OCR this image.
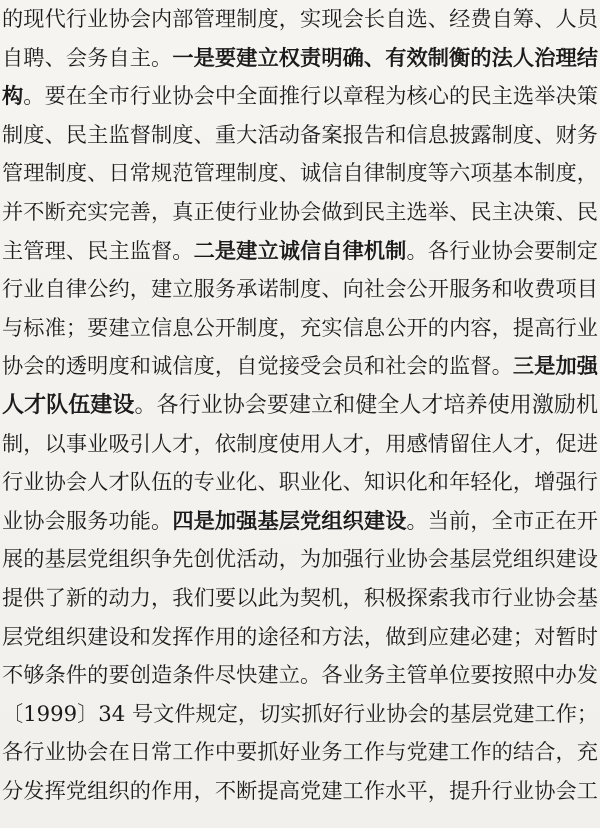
的现代行业协会内部管理制度，实现会长自选、经费自筹、人员
自聘、会务自主。一是要建立权责明确、有效制衡的法人治理结
构。要在全市行业协会中全面推行以章程为核心的民主选举决策
制度、民主监督制度、重大活动备案报告和信息披露制度、财务
管理制度、日常规范管理制度、诚信自律制度等六项基本制度，
并不断充实完善，真正使行业协会做到民主选举、民主决策、民
主管理、民主监督。二是建立诚信自律机制。各行业协会要制定
行业自律公约，建立服务承诺制度、向社会公开服务和收费项目
与标准；要建立信息公开制度，充实信息公开的内容，提高行业
协会的透明度和诚信度，自觉接受会员和社会的监督。三是加强
人才队伍建设。各行业协会要建立和健全人才培养使用激励机
制，以事业吸引人才，依制度使用人才，用感情留住人才，促进
行业协会人才队伍的专业化、职业化、知识化和年轻化，增强行
业协会服务功能。四是加强基层党组织建设。当前，全市正在开
展的基层党组织争先创优活动，为加强行业协会基层党组织建设
提供了新的动力，我们要以此为契机，积极探索我市行业协会基
层党组织建设和发挥作用的途径和方法，做到应建必建；对暂时
不够条件的要创造条件尽快建立。各业务主管单位要按照中办发
〔1999〕34 号文件规定，切实抓好行业协会的基层党建工作；
各行业协会在日常工作中要抓好业务工作与党建工作的结合，充
分发挥党组织的作用，不断提高党建工作水平，提升行业协会工
